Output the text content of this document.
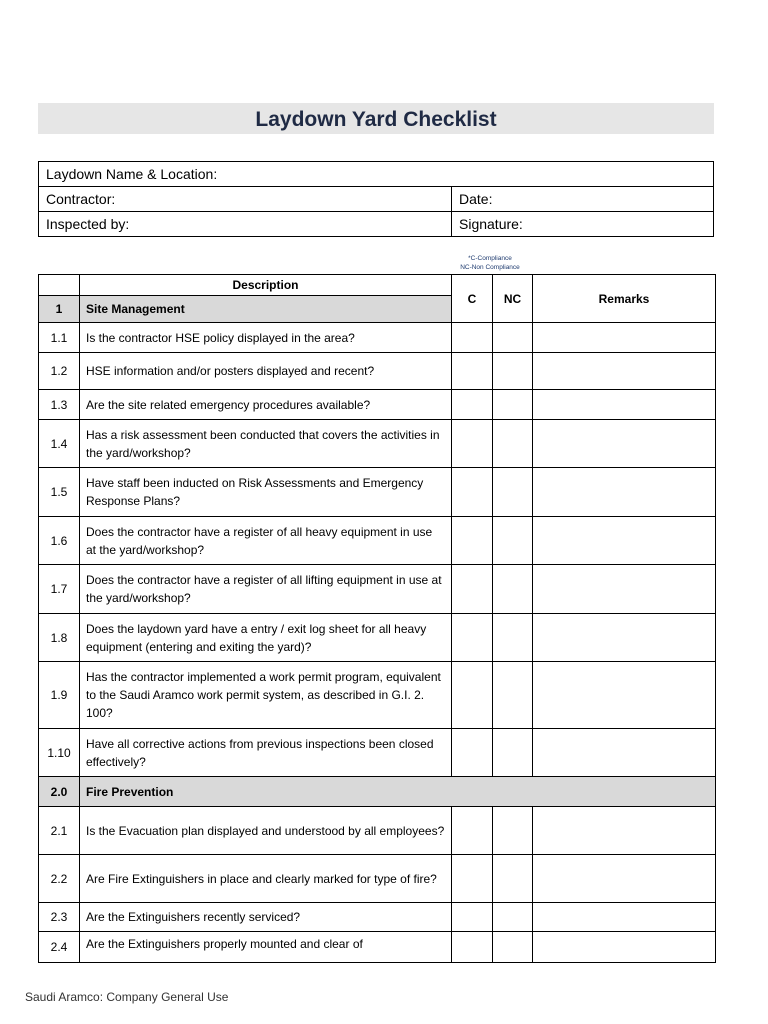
Laydown Yard Checklist
Laydown Name & Location:	
Contractor:	Date:
Inspected by:	Signature:
*C-Compliance
NC-Non Compliance
	Description	C	NC	Remarks
1	Site Management			
1.1	Is the contractor HSE policy displayed in the area?			
1.2	HSE information and/or posters displayed and recent?			
1.3	Are the site related emergency procedures available?			
1.4	Has a risk assessment been conducted that covers the activities in the yard/workshop?			
1.5	Have staff been inducted on Risk Assessments and Emergency Response Plans?			
1.6	Does the contractor have a register of all heavy equipment in use at the yard/workshop?			
1.7	Does the contractor have a register of all lifting equipment in use at the yard/workshop?			
1.8	Does the laydown yard have a entry / exit log sheet for all heavy equipment (entering and exiting the yard)?			
1.9	Has the contractor implemented a work permit program, equivalent to the Saudi Aramco work permit system, as described in G.I. 2. 100?			
1.10	Have all corrective actions from previous inspections been closed effectively?			
2.0	Fire Prevention			
2.1	Is the Evacuation plan displayed and understood by all employees?			
2.2	Are Fire Extinguishers in place and clearly marked for type of fire?			
2.3	Are the Extinguishers recently serviced?			
2.4	Are the Extinguishers properly mounted and clear of			
Saudi Aramco: Company General Use
